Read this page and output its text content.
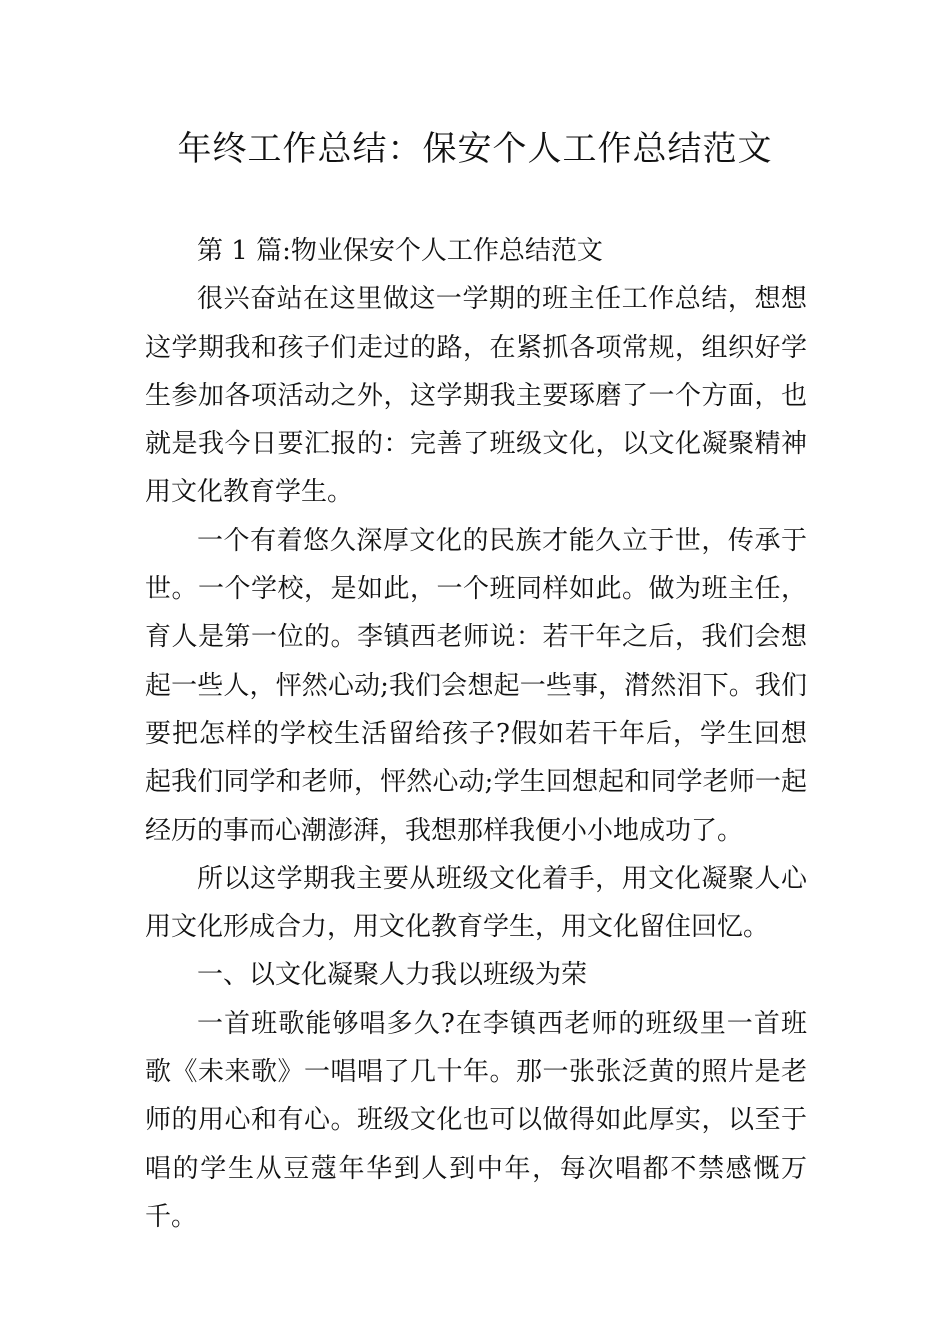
年终工作总结：保安个人工作总结范文

第 1 篇:物业保安个人工作总结范文

很兴奋站在这里做这一学期的班主任工作总结，想想这学期我和孩子们走过的路，在紧抓各项常规，组织好学生参加各项活动之外，这学期我主要琢磨了一个方面，也就是我今日要汇报的：完善了班级文化，以文化凝聚精神用文化教育学生。

一个有着悠久深厚文化的民族才能久立于世，传承于世。一个学校，是如此，一个班同样如此。做为班主任，育人是第一位的。李镇西老师说：若干年之后，我们会想起一些人，怦然心动;我们会想起一些事，潸然泪下。我们要把怎样的学校生活留给孩子?假如若干年后，学生回想起我们同学和老师，怦然心动;学生回想起和同学老师一起经历的事而心潮澎湃，我想那样我便小小地成功了。

所以这学期我主要从班级文化着手，用文化凝聚人心用文化形成合力，用文化教育学生，用文化留住回忆。

一、以文化凝聚人力我以班级为荣

一首班歌能够唱多久?在李镇西老师的班级里一首班歌《未来歌》一唱唱了几十年。那一张张泛黄的照片是老师的用心和有心。班级文化也可以做得如此厚实，以至于唱的学生从豆蔻年华到人到中年，每次唱都不禁感慨万千。
